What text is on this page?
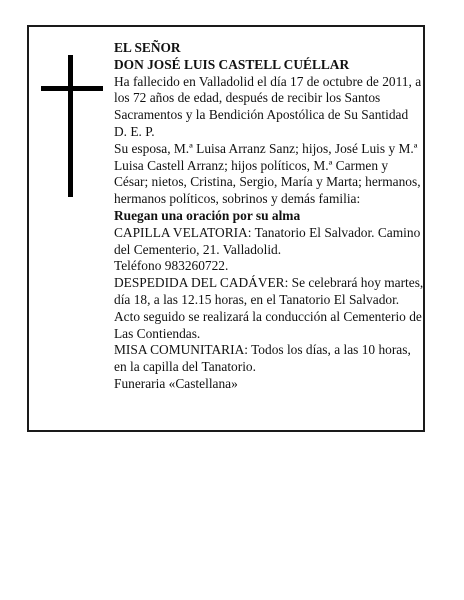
EL SEÑOR

DON JOSÉ LUIS CASTELL CUÉLLAR

Ha fallecido en Valladolid el día 17 de octubre de 2011, a los 72 años de edad, después de recibir los Santos Sacramentos y la Bendición Apostólica de Su Santidad D. E. P.

Su esposa, M.ª Luisa Arranz Sanz; hijos, José Luis y M.ª Luisa Castell Arranz; hijos políticos, M.ª Carmen y César; nietos, Cristina, Sergio, María y Marta; hermanos, hermanos políticos, sobrinos y demás familia:

Ruegan una oración por su alma

CAPILLA VELATORIA: Tanatorio El Salvador. Camino del Cementerio, 21. Valladolid.

Teléfono 983260722.

DESPEDIDA DEL CADÁVER: Se celebrará hoy martes, día 18, a las 12.15 horas, en el Tanatorio El Salvador. Acto seguido se realizará la conducción al Cementerio de Las Contiendas.

MISA COMUNITARIA: Todos los días, a las 10 horas, en la capilla del Tanatorio.

Funeraria «Castellana»
